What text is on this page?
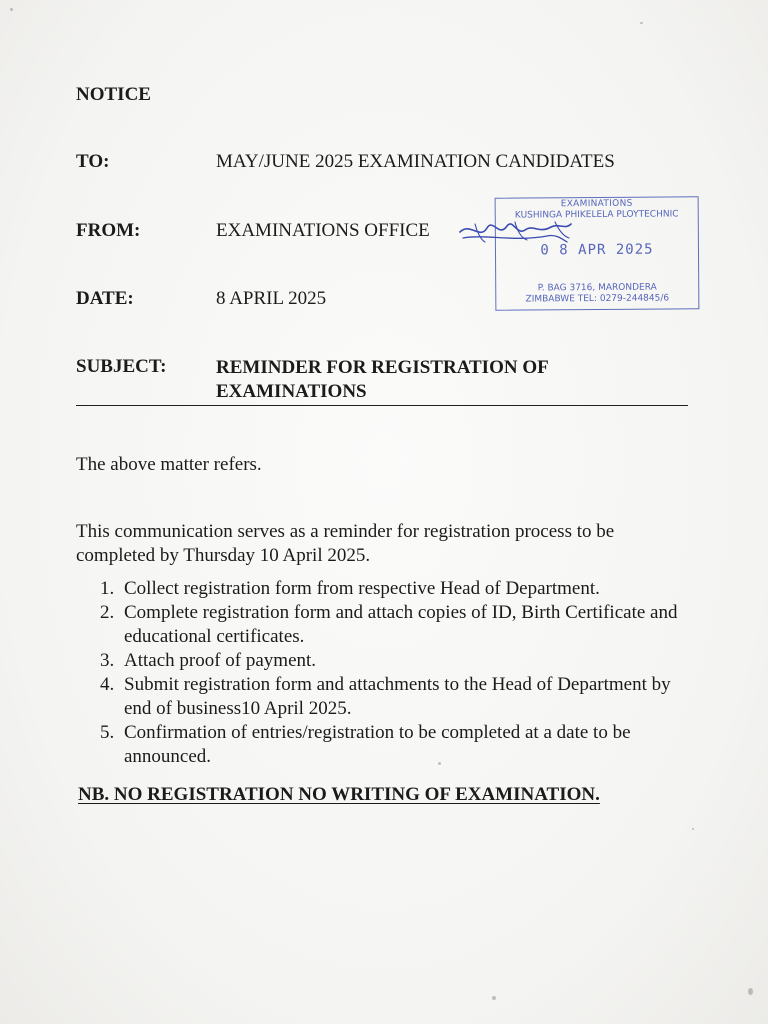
NOTICE
TO:	MAY/JUNE 2025 EXAMINATION CANDIDATES
FROM:	EXAMINATIONS OFFICE
DATE:	8 APRIL 2025
SUBJECT:	REMINDER FOR REGISTRATION OF EXAMINATIONS
EXAMINATIONS
KUSHINGA PHIKELELA PLOYTECHNIC
0 8 APR 2025
P. BAG 3716, MARONDERA
ZIMBABWE TEL: 0279-244845/6
The above matter refers.
This communication serves as a reminder for registration process to be completed by Thursday 10 April 2025.
1. Collect registration form from respective Head of Department.
2. Complete registration form and attach copies of ID, Birth Certificate and educational certificates.
3. Attach proof of payment.
4. Submit registration form and attachments to the Head of Department by end of business10 April 2025.
5. Confirmation of entries/registration to be completed at a date to be announced.
NB. NO REGISTRATION NO WRITING OF EXAMINATION.
